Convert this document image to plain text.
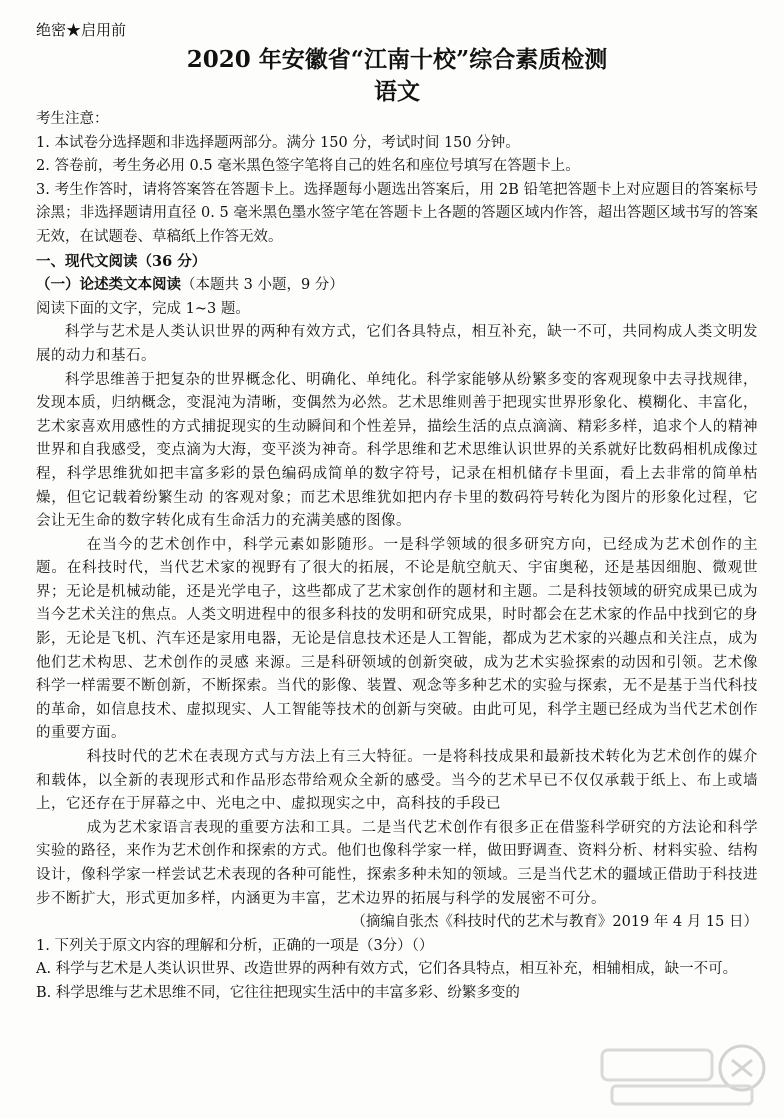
绝密★启用前
2020 年安徽省“江南十校”综合素质检测
语文
考生注意：
1. 本试卷分选择题和非选择题两部分。满分 150 分，考试时间 150 分钟。
2. 答卷前，考生务必用 0.5 毫米黑色签字笔将自己的姓名和座位号填写在答题卡上。
3. 考生作答时，请将答案答在答题卡上。选择题每小题选出答案后，用 2B 铅笔把答题卡上对应题目的答案标号涂黑；非选择题请用直径 0. 5 毫米黑色墨水签字笔在答题卡上各题的答题区域内作答，超出答题区域书写的答案无效，在试题卷、草稿纸上作答无效。
一、现代文阅读（36 分）
（一）论述类文本阅读（本题共 3 小题，9 分）
阅读下面的文字，完成 1~3 题。
科学与艺术是人类认识世界的两种有效方式，它们各具特点，相互补充，缺一不可，共同构成人类文明发展的动力和基石。
科学思维善于把复杂的世界概念化、明确化、单纯化。科学家能够从纷繁多变的客观现象中去寻找规律，发现本质，归纳概念，变混沌为清晰，变偶然为必然。艺术思维则善于把现实世界形象化、模糊化、丰富化，艺术家喜欢用感性的方式捕捉现实的生动瞬间和个性差异，描绘生活的点点滴滴、精彩多样，追求个人的精神世界和自我感受，变点滴为大海，变平淡为神奇。科学思维和艺术思维认识世界的关系就好比数码相机成像过程，科学思维犹如把丰富多彩的景色编码成简单的数字符号，记录在相机储存卡里面，看上去非常的简单枯燥，但它记载着纷繁生动 的客观对象；而艺术思维犹如把内存卡里的数码符号转化为图片的形象化过程，它会让无生命的数字转化成有生命活力的充满美感的图像。
在当今的艺术创作中，科学元素如影随形。一是科学领域的很多研究方向，已经成为艺术创作的主题。在科技时代，当代艺术家的视野有了很大的拓展，不论是航空航天、宇宙奥秘，还是基因细胞、微观世界；无论是机械动能，还是光学电子，这些都成了艺术家创作的题材和主题。二是科技领域的研究成果已成为当今艺术关注的焦点。人类文明进程中的很多科技的发明和研究成果，时时都会在艺术家的作品中找到它的身影，无论是飞机、汽车还是家用电器，无论是信息技术还是人工智能，都成为艺术家的兴趣点和关注点，成为他们艺术构思、艺术创作的灵感 来源。三是科研领域的创新突破，成为艺术实验探索的动因和引领。艺术像科学一样需要不断创新，不断探索。当代的影像、装置、观念等多种艺术的实验与探索，无不是基于当代科技的革命，如信息技术、虚拟现实、人工智能等技术的创新与突破。由此可见，科学主题已经成为当代艺术创作的重要方面。
科技时代的艺术在表现方式与方法上有三大特征。一是将科技成果和最新技术转化为艺术创作的媒介和载体，以全新的表现形式和作品形态带给观众全新的感受。当今的艺术早已不仅仅承载于纸上、布上或墙上，它还存在于屏幕之中、光电之中、虚拟现实之中，高科技的手段已
成为艺术家语言表现的重要方法和工具。二是当代艺术创作有很多正在借鉴科学研究的方法论和科学实验的路径，来作为艺术创作和探索的方式。他们也像科学家一样，做田野调查、资料分析、材料实验、结构设计，像科学家一样尝试艺术表现的各种可能性，探索多种未知的领域。三是当代艺术的疆域正借助于科技进步不断扩大，形式更加多样，内涵更为丰富，艺术边界的拓展与科学的发展密不可分。
（摘编自张杰《科技时代的艺术与教育》2019 年 4 月 15 日）
1. 下列关于原文内容的理解和分析，正确的一项是（3分）（）
A. 科学与艺术是人类认识世界、改造世界的两种有效方式，它们各具特点，相互补充，相辅相成，缺一不可。
B. 科学思维与艺术思维不同，它往往把现实生活中的丰富多彩、纷繁多变的
